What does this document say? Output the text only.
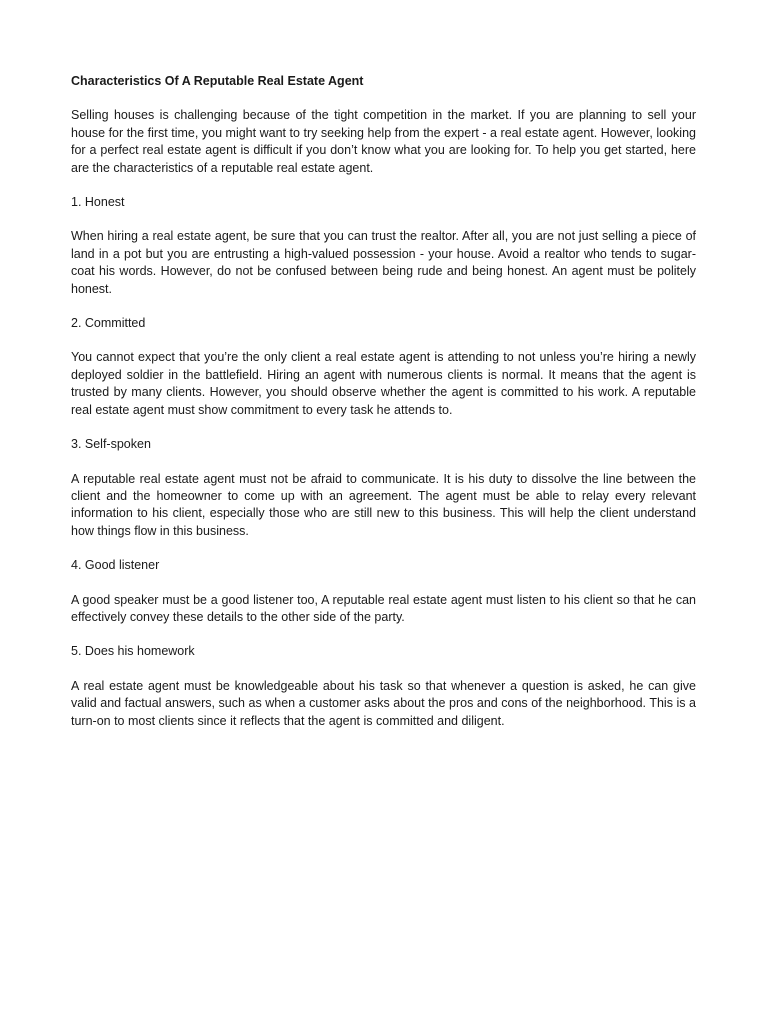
Characteristics Of A Reputable Real Estate Agent

Selling houses is challenging because of the tight competition in the market. If you are planning to sell your house for the first time, you might want to try seeking help from the expert - a real estate agent. However, looking for a perfect real estate agent is difficult if you don’t know what you are looking for. To help you get started, here are the characteristics of a reputable real estate agent.

1. Honest

When hiring a real estate agent, be sure that you can trust the realtor. After all, you are not just selling a piece of land in a pot but you are entrusting a high-valued possession - your house. Avoid a realtor who tends to sugar-coat his words. However, do not be confused between being rude and being honest. An agent must be politely honest.

2. Committed

You cannot expect that you’re the only client a real estate agent is attending to not unless you’re hiring a newly deployed soldier in the battlefield. Hiring an agent with numerous clients is normal. It means that the agent is trusted by many clients. However, you should observe whether the agent is committed to his work. A reputable real estate agent must show commitment to every task he attends to.

3. Self-spoken

A reputable real estate agent must not be afraid to communicate. It is his duty to dissolve the line between the client and the homeowner to come up with an agreement. The agent must be able to relay every relevant information to his client, especially those who are still new to this business. This will help the client understand how things flow in this business.

4. Good listener

A good speaker must be a good listener too, A reputable real estate agent must listen to his client so that he can effectively convey these details to the other side of the party.

5. Does his homework

A real estate agent must be knowledgeable about his task so that whenever a question is asked, he can give valid and factual answers, such as when a customer asks about the pros and cons of the neighborhood. This is a turn-on to most clients since it reflects that the agent is committed and diligent.
